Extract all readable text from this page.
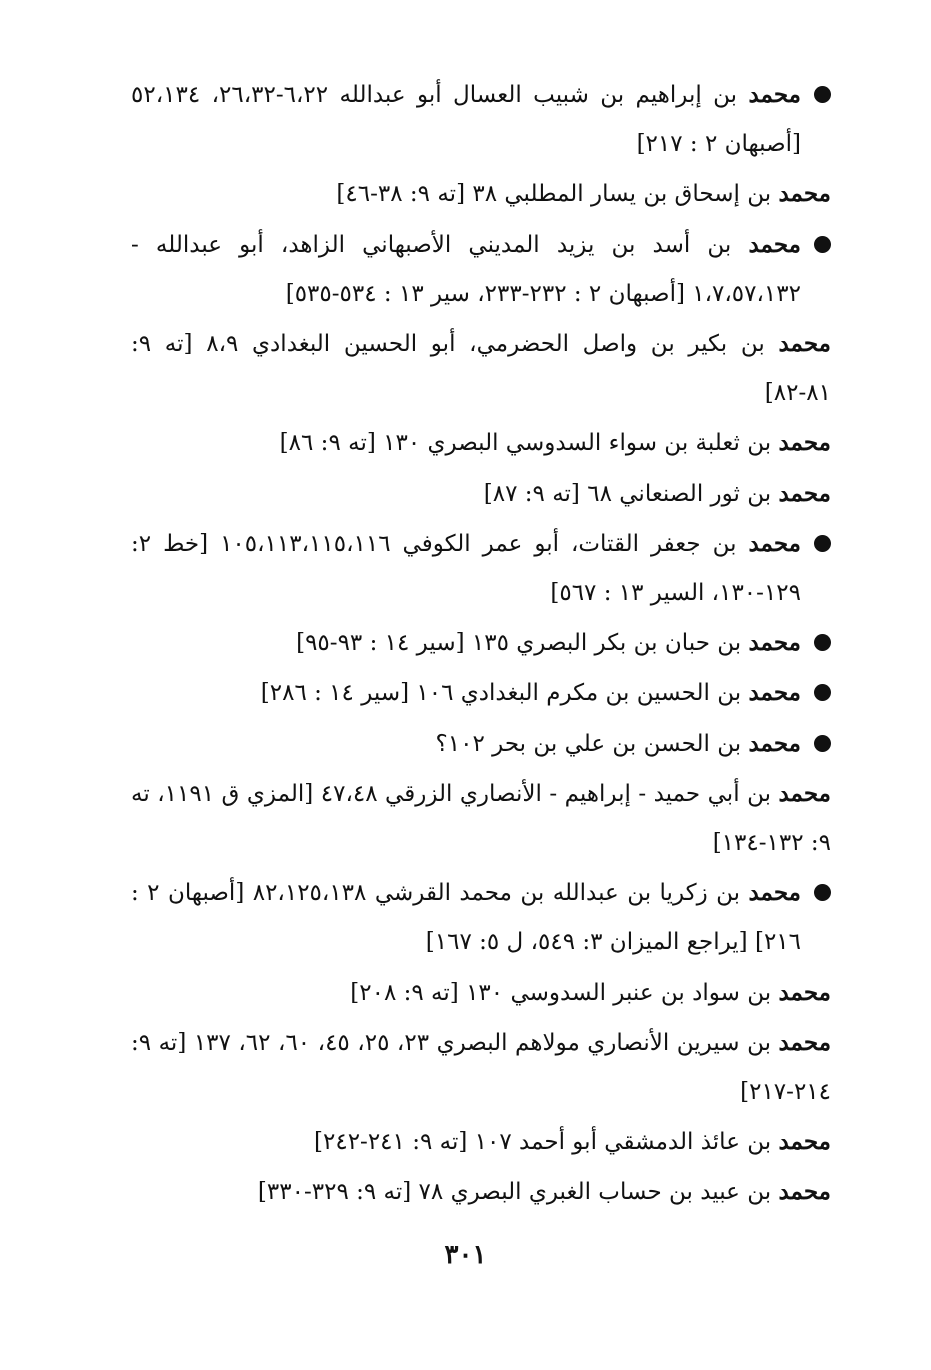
محمد بن إبراهيم بن شبيب العسال أبو عبدالله ٦،٢٢-٢٦،٣٢، ٥٢،١٣٤ [أصبهان ٢ : ٢١٧]
محمد بن إسحاق بن يسار المطلبي ٣٨ [ته ٩: ٣٨-٤٦]
محمد بن أسد بن يزيد المديني الأصبهاني الزاهد، أبو عبدالله - ١،٧،٥٧،١٣٢ [أصبهان ٢ : ٢٣٢-٢٣٣، سير ١٣ : ٥٣٤-٥٣٥]
محمد بن بكير بن واصل الحضرمي، أبو الحسين البغدادي ٨،٩ [ته ٩: ٨١-٨٢]
محمد بن ثعلبة بن سواء السدوسي البصري ١٣٠ [ته ٩: ٨٦]
محمد بن ثور الصنعاني ٦٨ [ته ٩: ٨٧]
محمد بن جعفر القتات، أبو عمر الكوفي ١٠٥،١١٣،١١٥،١١٦ [خط ٢: ١٢٩-١٣٠، السير ١٣ : ٥٦٧]
محمد بن حبان بن بكر البصري ١٣٥ [سير ١٤ : ٩٣-٩٥]
محمد بن الحسين بن مكرم البغدادي ١٠٦ [سير ١٤ : ٢٨٦]
محمد بن الحسن بن علي بن بحر ١٠٢؟
محمد بن أبي حميد - إبراهيم - الأنصاري الزرقي ٤٧،٤٨ [المزي ق ١١٩١، ته ٩: ١٣٢-١٣٤]
محمد بن زكريا بن عبدالله بن محمد القرشي ٨٢،١٢٥،١٣٨ [أصبهان ٢ : ٢١٦] [يراجع الميزان ٣: ٥٤٩، ل ٥: ١٦٧]
محمد بن سواد بن عنبر السدوسي ١٣٠ [ته ٩: ٢٠٨]
محمد بن سيرين الأنصاري مولاهم البصري ٢٣، ٢٥، ٤٥، ٦٠، ٦٢، ١٣٧ [ته ٩: ٢١٤-٢١٧]
محمد بن عائذ الدمشقي أبو أحمد ١٠٧ [ته ٩: ٢٤١-٢٤٢]
محمد بن عبيد بن حساب الغبري البصري ٧٨ [ته ٩: ٣٢٩-٣٣٠]
٣٠١
